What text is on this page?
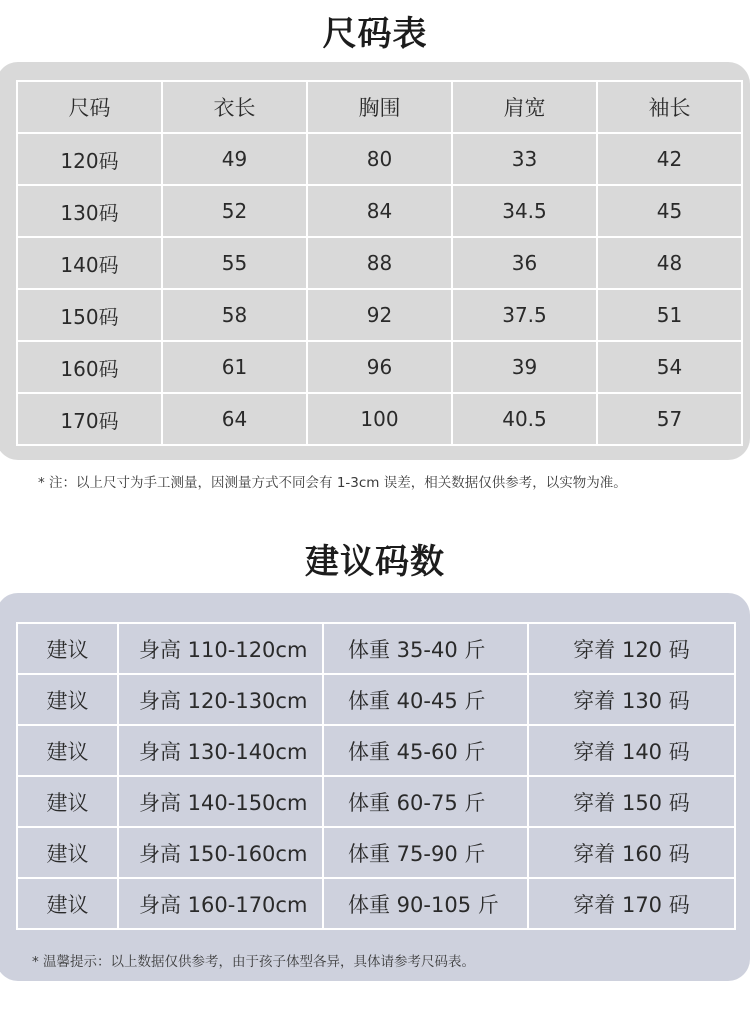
尺码表
尺码	衣长	胸围	肩宽	袖长
120码	49	80	33	42
130码	52	84	34.5	45
140码	55	88	36	48
150码	58	92	37.5	51
160码	61	96	39	54
170码	64	100	40.5	57
* 注：以上尺寸为手工测量，因测量方式不同会有 1-3cm 误差，相关数据仅供参考，以实物为准。
建议码数
建议	身高 110-120cm	体重 35-40 斤	穿着 120 码
建议	身高 120-130cm	体重 40-45 斤	穿着 130 码
建议	身高 130-140cm	体重 45-60 斤	穿着 140 码
建议	身高 140-150cm	体重 60-75 斤	穿着 150 码
建议	身高 150-160cm	体重 75-90 斤	穿着 160 码
建议	身高 160-170cm	体重 90-105 斤	穿着 170 码
* 温馨提示：以上数据仅供参考，由于孩子体型各异，具体请参考尺码表。
